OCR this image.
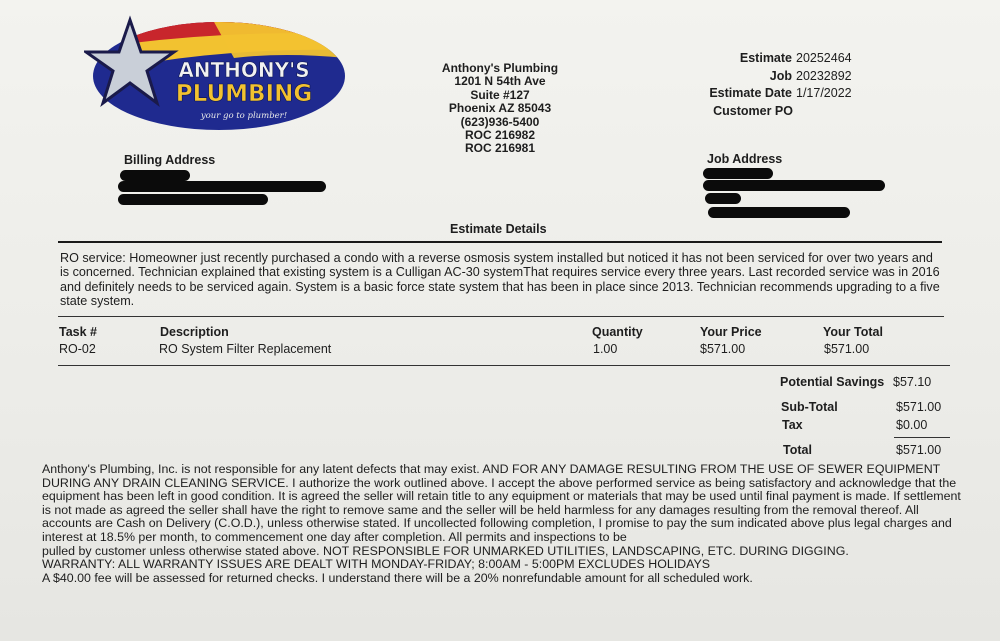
ANTHONY'S
PLUMBING
your go to plumber!
Anthony's Plumbing
1201 N 54th Ave
Suite #127
Phoenix AZ 85043
(623)936-5400
ROC 216982
ROC 216981
Estimate 20252464
Job 20232892
Estimate Date 1/17/2022
Customer PO
Billing Address	Job Address
Estimate Details
RO service: Homeowner just recently purchased a condo with a reverse osmosis system installed but noticed it has not been serviced for over two years and is concerned. Technician explained that existing system is a Culligan AC-30 systemThat requires service every three years. Last recorded service was in 2016 and definitely needs to be serviced again. System is a basic force state system that has been in place since 2013. Technician recommends upgrading to a five state system.
Task #	Description	Quantity	Your Price	Your Total
RO-02	RO System Filter Replacement	1.00	$571.00	$571.00
Potential Savings $57.10
Sub-Total	$571.00
Tax	$0.00
Total	$571.00

Anthony's Plumbing, Inc. is not responsible for any latent defects that may exist. AND FOR ANY DAMAGE RESULTING FROM THE USE OF SEWER EQUIPMENT DURING ANY DRAIN CLEANING SERVICE. I authorize the work outlined above. I accept the above performed service as being satisfactory and acknowledge that the equipment has been left in good condition. It is agreed the seller will retain title to any equipment or materials that may be used until final payment is made. If settlement is not made as agreed the seller shall have the right to remove same and the seller will be held harmless for any damages resulting from the removal thereof. All accounts are Cash on Delivery (C.O.D.), unless otherwise stated. If uncollected following completion, I promise to pay the sum indicated above plus legal charges and interest at 18.5% per month, to commencement one day after completion. All permits and inspections to be

pulled by customer unless otherwise stated above. NOT RESPONSIBLE FOR UNMARKED UTILITIES, LANDSCAPING, ETC. DURING DIGGING.

WARRANTY: ALL WARRANTY ISSUES ARE DEALT WITH MONDAY-FRIDAY; 8:00AM - 5:00PM EXCLUDES HOLIDAYS

A $40.00 fee will be assessed for returned checks. I understand there will be a 20% nonrefundable amount for all scheduled work.
